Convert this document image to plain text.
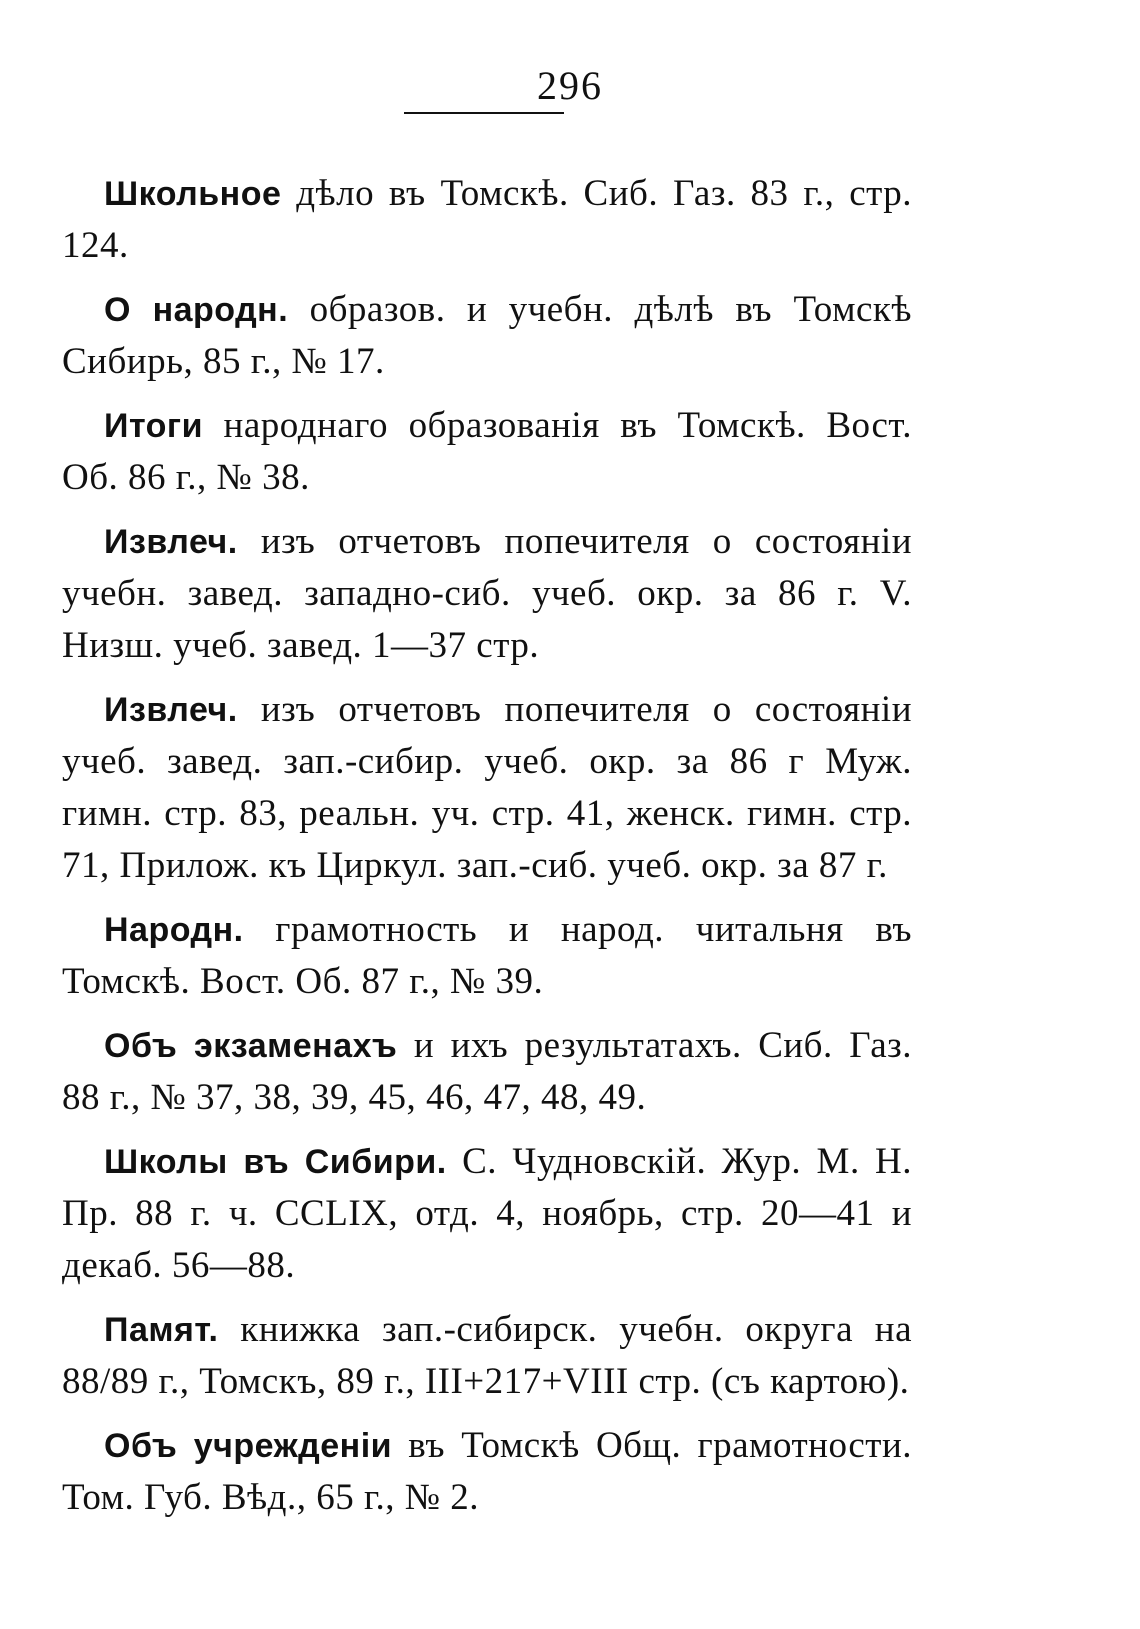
296

Школьное дѣло въ Томскѣ. Сиб. Газ. 83 г., стр. 124.

О народн. образов. и учебн. дѣлѣ въ Томскѣ Сибирь, 85 г., № 17.

Итоги народнаго образованія въ Томскѣ. Вост. Об. 86 г., № 38.

Извлеч. изъ отчетовъ попечителя о состояніи учебн. завед. западно-сиб. учеб. окр. за 86 г. V. Низш. учеб. завед. 1—37 стр.

Извлеч. изъ отчетовъ попечителя о состояніи учеб. завед. зап.-сибир. учеб. окр. за 86 г Муж. гимн. стр. 83, реальн. уч. стр. 41, женск. гимн. стр. 71, Прилож. къ Циркул. зап.-сиб. учеб. окр. за 87 г.

Народн. грамотность и народ. читальня въ Томскѣ. Вост. Об. 87 г., № 39.

Объ экзаменахъ и ихъ результатахъ. Сиб. Газ. 88 г., № 37, 38, 39, 45, 46, 47, 48, 49.

Школы въ Сибири. С. Чудновскій. Жур. М. Н. Пр. 88 г. ч. CCLIX, отд. 4, ноябрь, стр. 20—41 и декаб. 56—88.

Памят. книжка зап.-сибирск. учебн. округа на 88/89 г., Томскъ, 89 г., III+217+VIII стр. (съ картою).

Объ учрежденіи въ Томскѣ Общ. грамотности. Том. Губ. Вѣд., 65 г., № 2.
